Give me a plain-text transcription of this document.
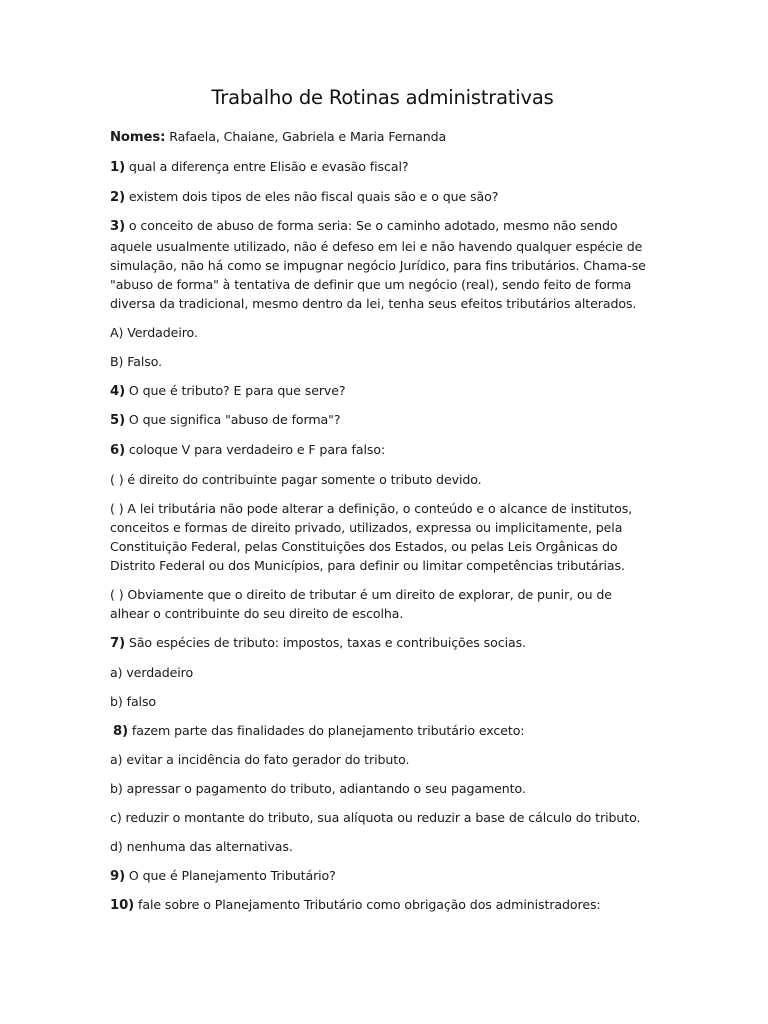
Trabalho de Rotinas administrativas

Nomes: Rafaela, Chaiane, Gabriela e Maria Fernanda

1) qual a diferença entre Elisão e evasão fiscal?

2) existem dois tipos de eles não fiscal quais são e o que são?

3) o conceito de abuso de forma seria: Se o caminho adotado, mesmo não sendo aquele usualmente utilizado, não é defeso em lei e não havendo qualquer espécie de simulação, não há como se impugnar negócio Jurídico, para fins tributários. Chama-se "abuso de forma" à tentativa de definir que um negócio (real), sendo feito de forma diversa da tradicional, mesmo dentro da lei, tenha seus efeitos tributários alterados.

A) Verdadeiro.

B) Falso.

4) O que é tributo? E para que serve?

5) O que significa "abuso de forma"?

6) coloque V para verdadeiro e F para falso:

( ) é direito do contribuinte pagar somente o tributo devido.

( ) A lei tributária não pode alterar a definição, o conteúdo e o alcance de institutos, conceitos e formas de direito privado, utilizados, expressa ou implicitamente, pela Constituição Federal, pelas Constituições dos Estados, ou pelas Leis Orgânicas do Distrito Federal ou dos Municípios, para definir ou limitar competências tributárias.

( ) Obviamente que o direito de tributar é um direito de explorar, de punir, ou de alhear o contribuinte do seu direito de escolha.

7) São espécies de tributo: impostos, taxas e contribuições socias.

a) verdadeiro

b) falso

8) fazem parte das finalidades do planejamento tributário exceto:

a) evitar a incidência do fato gerador do tributo.

b) apressar o pagamento do tributo, adiantando o seu pagamento.

c) reduzir o montante do tributo, sua alíquota ou reduzir a base de cálculo do tributo.

d) nenhuma das alternativas.

9) O que é Planejamento Tributário?

10) fale sobre o Planejamento Tributário como obrigação dos administradores:
